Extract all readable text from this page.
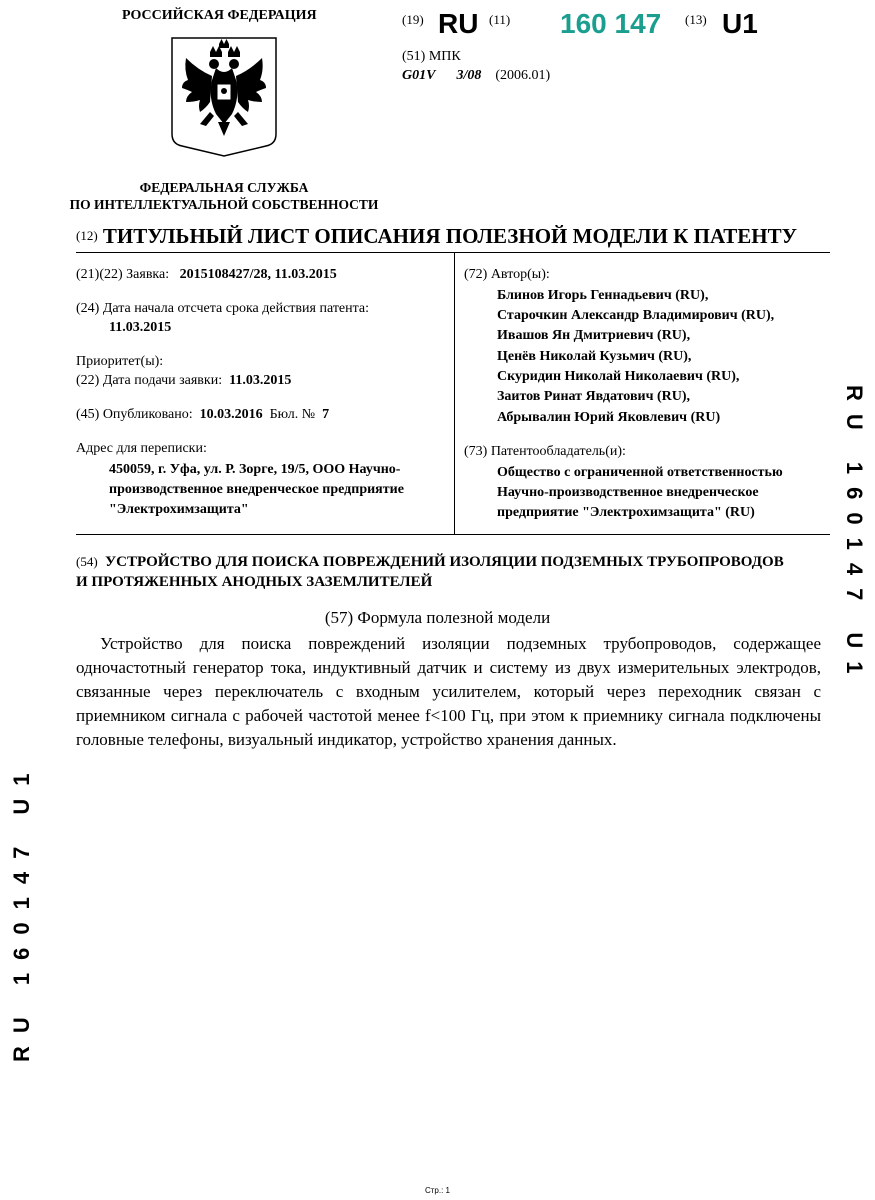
РОССИЙСКАЯ ФЕДЕРАЦИЯ
ФЕДЕРАЛЬНАЯ СЛУЖБА
ПО ИНТЕЛЛЕКТУАЛЬНОЙ СОБСТВЕННОСТИ
(19) RU (11) 160 147 (13) U1
(51) МПК
G01V 3/08 (2006.01)
$^{(12)}$ ТИТУЛЬНЫЙ ЛИСТ ОПИСАНИЯ ПОЛЕЗНОЙ МОДЕЛИ К ПАТЕНТУ
(21)(22) Заявка: 2015108427/28, 11.03.2015
(24) Дата начала отсчета срока действия патента:
11.03.2015
Приоритет(ы):
(22) Дата подачи заявки: 11.03.2015
(45) Опубликовано: 10.03.2016 Бюл. № 7
Адрес для переписки:
450059, г. Уфа, ул. Р. Зорге, 19/5, ООО Научно-
производственное внедренческое предприятие
"Электрохимзащита"
(72) Автор(ы):
Блинов Игорь Геннадьевич (RU),
Старочкин Александр Владимирович (RU),
Ивашов Ян Дмитриевич (RU),
Ценёв Николай Кузьмич (RU),
Скуридин Николай Николаевич (RU),
Заитов Ринат Явдатович (RU),
Абрывалин Юрий Яковлевич (RU)
(73) Патентообладатель(и):
Общество с ограниченной ответственностью
Научно-производственное внедренческое
предприятие "Электрохимзащита" (RU)
(54) УСТРОЙСТВО ДЛЯ ПОИСКА ПОВРЕЖДЕНИЙ ИЗОЛЯЦИИ ПОДЗЕМНЫХ ТРУБОПРОВОДОВ
И ПРОТЯЖЕННЫХ АНОДНЫХ ЗАЗЕМЛИТЕЛЕЙ
(57) Формула полезной модели
Устройство для поиска повреждений изоляции подземных трубопроводов, содержащее одночастотный генератор тока, индуктивный датчик и систему из двух измерительных электродов, связанные через переключатель с входным усилителем, который через переходник связан с приемником сигнала с рабочей частотой менее f<100 Гц, при этом к приемнику сигнала подключены головные телефоны, визуальный индикатор, устройство хранения данных.
RU 160147 U1
RU 160147 U1
Стр.: 1
